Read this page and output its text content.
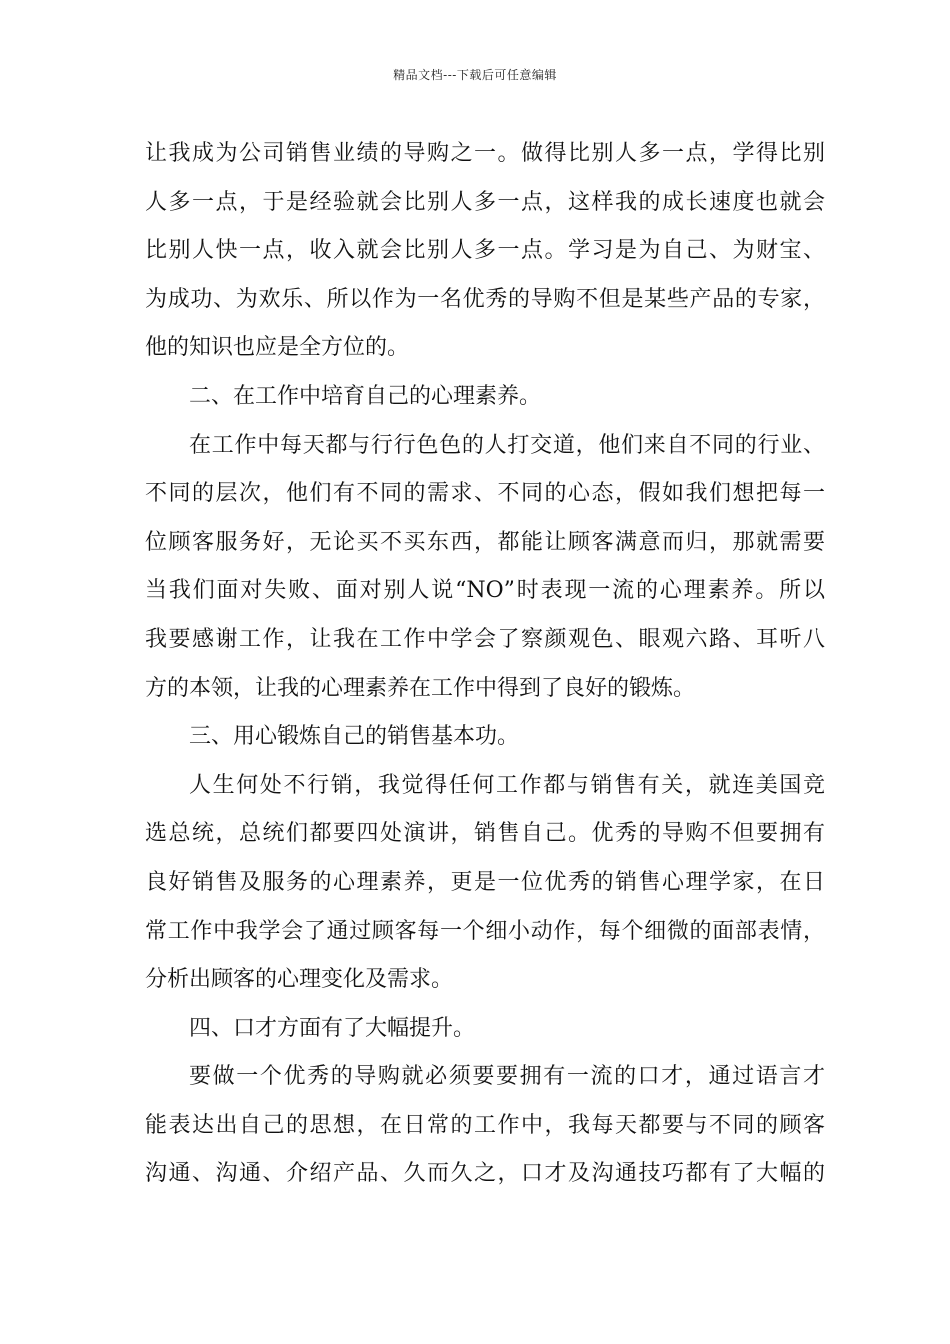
精品文档---下载后可任意编辑
让我成为公司销售业绩的导购之一。做得比别人多一点，学得比别
人多一点，于是经验就会比别人多一点，这样我的成长速度也就会
比别人快一点，收入就会比别人多一点。学习是为自己、为财宝、
为成功、为欢乐、所以作为一名优秀的导购不但是某些产品的专家，
他的知识也应是全方位的。
二、在工作中培育自己的心理素养。
在工作中每天都与行行色色的人打交道，他们来自不同的行业、
不同的层次，他们有不同的需求、不同的心态，假如我们想把每一
位顾客服务好，无论买不买东西，都能让顾客满意而归，那就需要
当我们面对失败、面对别人说“NO”时表现一流的心理素养。所以
我要感谢工作，让我在工作中学会了察颜观色、眼观六路、耳听八
方的本领，让我的心理素养在工作中得到了良好的锻炼。
三、用心锻炼自己的销售基本功。
人生何处不行销，我觉得任何工作都与销售有关，就连美国竞
选总统，总统们都要四处演讲，销售自己。优秀的导购不但要拥有
良好销售及服务的心理素养，更是一位优秀的销售心理学家，在日
常工作中我学会了通过顾客每一个细小动作，每个细微的面部表情，
分析出顾客的心理变化及需求。
四、口才方面有了大幅提升。
要做一个优秀的导购就必须要要拥有一流的口才，通过语言才
能表达出自己的思想，在日常的工作中，我每天都要与不同的顾客
沟通、沟通、介绍产品、久而久之，口才及沟通技巧都有了大幅的
